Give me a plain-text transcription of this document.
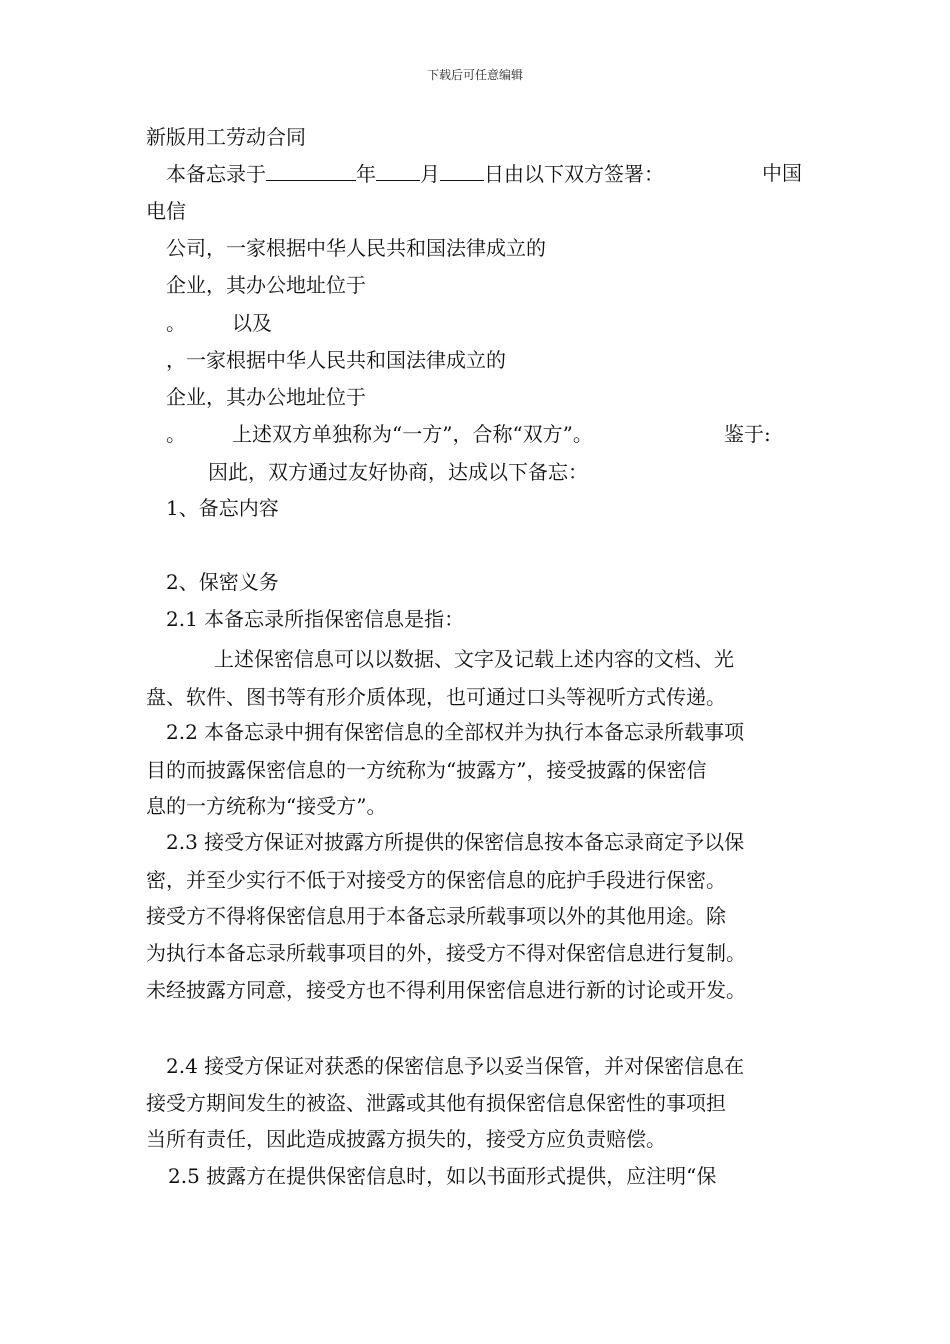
下载后可任意编辑
新版用工劳动合同
本备忘录于	年 月 日由以下双方签署：	中国
电信
公司，一家根据中华人民共和国法律成立的
企业，其办公地址位于
。 以及
，一家根据中华人民共和国法律成立的
企业，其办公地址位于
。 上述双方单独称为“一方”，合称“双方”。	鉴于:
因此，双方通过友好协商，达成以下备忘：
1、备忘内容
2、保密义务
2.1 本备忘录所指保密信息是指：
上述保密信息可以以数据、文字及记载上述内容的文档、光
盘、软件、图书等有形介质体现，也可通过口头等视听方式传递。
2.2 本备忘录中拥有保密信息的全部权并为执行本备忘录所载事项
目的而披露保密信息的一方统称为“披露方”，接受披露的保密信
息的一方统称为“接受方”。
2.3 接受方保证对披露方所提供的保密信息按本备忘录商定予以保
密，并至少实行不低于对接受方的保密信息的庇护手段进行保密。
接受方不得将保密信息用于本备忘录所载事项以外的其他用途。除
为执行本备忘录所载事项目的外，接受方不得对保密信息进行复制。
未经披露方同意，接受方也不得利用保密信息进行新的讨论或开发。
2.4 接受方保证对获悉的保密信息予以妥当保管，并对保密信息在
接受方期间发生的被盗、泄露或其他有损保密信息保密性的事项担
当所有责任，因此造成披露方损失的，接受方应负责赔偿。
2.5 披露方在提供保密信息时，如以书面形式提供，应注明“保
